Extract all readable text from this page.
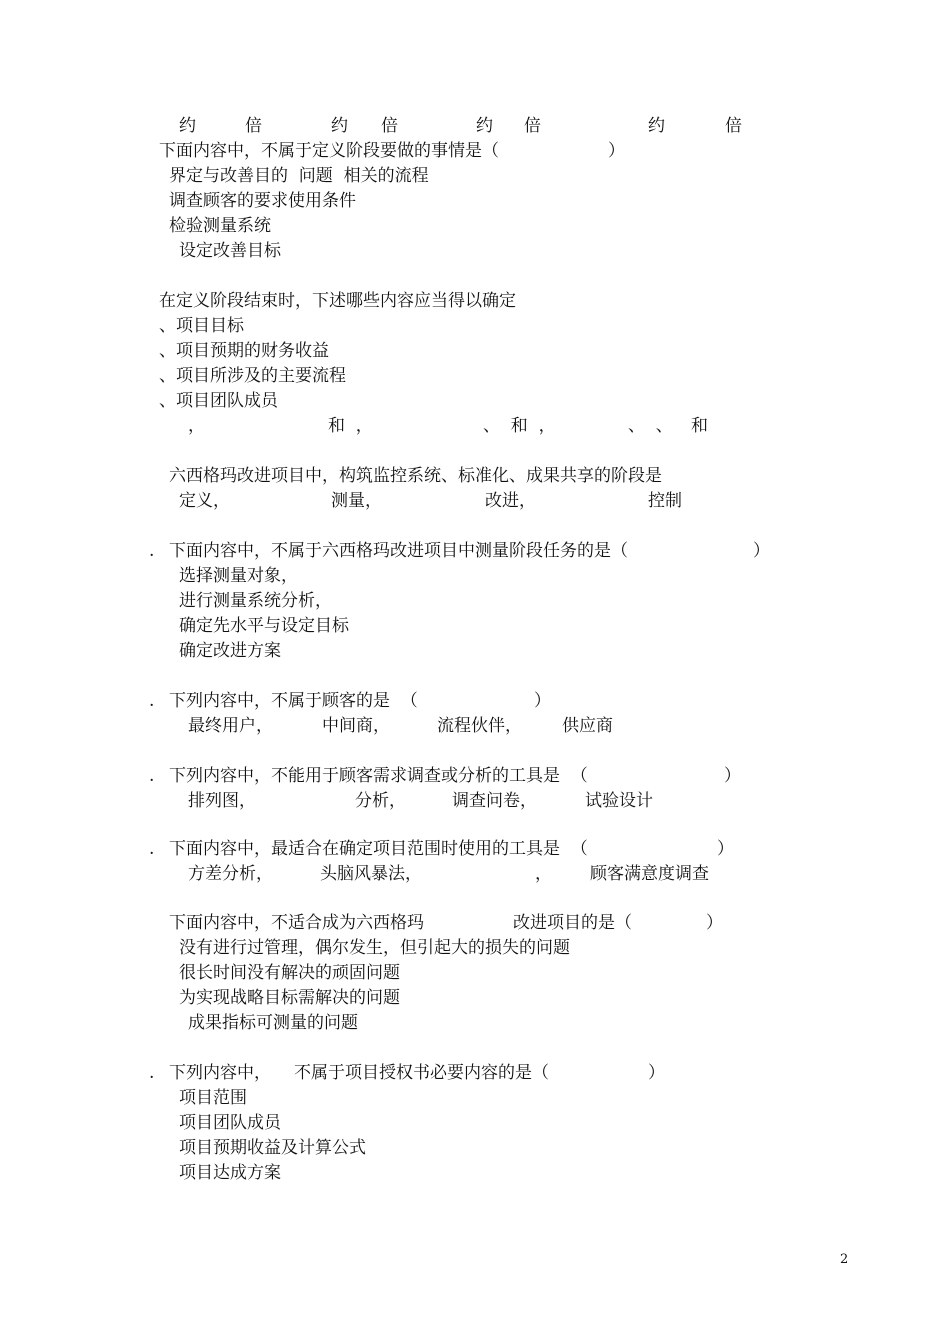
约	倍	约 倍	约 倍	约	倍
下面内容中，不属于定义阶段要做的事情是（	）
界定与改善目的  问题  相关的流程
调查顾客的要求使用条件
检验测量系统
设定改善目标
在定义阶段结束时，下述哪些内容应当得以确定
、项目目标
、项目预期的财务收益
、项目所涉及的主要流程
、项目团队成员
，	和  ，	、  和  ，	、  、 和
六西格玛改进项目中，构筑监控系统、标准化、成果共享的阶段是
定义，	测量，	改进，	控制
. 下面内容中，不属于六西格玛改进项目中测量阶段任务的是（	）
选择测量对象，
进行测量系统分析，
确定先水平与设定目标
确定改进方案
. 下列内容中，不属于顾客的是  （	）
最终用户，	中间商，	流程伙伴， 供应商
. 下列内容中，不能用于顾客需求调查或分析的工具是  （	）
排列图，	分析，	调查问卷，	试验设计
. 下面内容中，最适合在确定项目范围时使用的工具是  （	）
方差分析，	头脑风暴法，	， 顾客满意度调查
下面内容中，不适合成为六西格玛	改进项目的是（	）
没有进行过管理，偶尔发生，但引起大的损失的问题
很长时间没有解决的顽固问题
为实现战略目标需解决的问题
成果指标可测量的问题
. 下列内容中， 不属于项目授权书必要内容的是（	）
项目范围
项目团队成员
项目预期收益及计算公式
项目达成方案
2
